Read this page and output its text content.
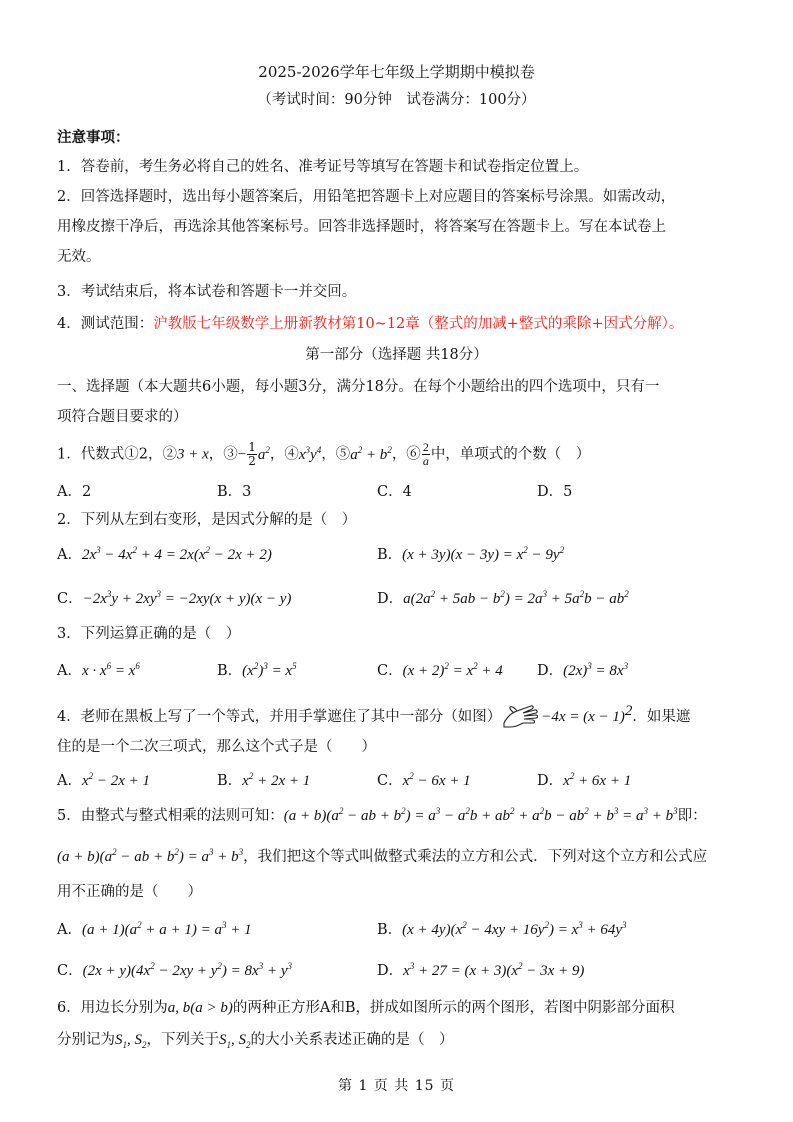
2025-2026学年七年级上学期期中模拟卷
（考试时间：90分钟　试卷满分：100分）
注意事项：
1．答卷前，考生务必将自己的姓名、准考证号等填写在答题卡和试卷指定位置上。
2．回答选择题时，选出每小题答案后，用铅笔把答题卡上对应题目的答案标号涂黑。如需改动，
用橡皮擦干净后，再选涂其他答案标号。回答非选择题时，将答案写在答题卡上。写在本试卷上
无效。
3．考试结束后，将本试卷和答题卡一并交回。
4．测试范围：沪教版七年级数学上册新教材第10~12章（整式的加减+整式的乘除+因式分解）。
第一部分（选择题 共18分）
一、选择题（本大题共6小题，每小题3分，满分18分。在每个小题给出的四个选项中，只有一
项符合题目要求的）
1．代数式①2，②3 + x，③− $\frac{1}{2} a^2$，$④x^3y^4$，$⑤a^2 + b^2$，⑥ $\frac{2}{a}$ 中，单项式的个数（　）
A．2	B．3	C．4	D．5
2．下列从左到右变形，是因式分解的是（　）
A．$2x^3 - 4x^2 + 4 = 2x(x^2 - 2x + 2)$	B．$(x + 3y)(x - 3y) = x^2 - 9y^2$
C．$-2x^3y + 2xy^3 = -2xy(x + y)(x - y)$	D．$a(2a^2 + 5ab - b^2) = 2a^3 + 5a^2b - ab^2$
3．下列运算正确的是（　）
A．$x \cdot x^6 = x^6$	B．$(x^2)^3 = x^5$	C．$(x + 2)^2 = x^2 + 4$ D．$(2x)^3 = 8x^3$
4．老师在黑板上写了一个等式，并用手掌遮住了其中一部分（如图）	$-4x = (x - 1)^2$．如果遮
住的是一个二次三项式，那么这个式子是（　　）
A．$x^2 - 2x + 1$	B．$x^2 + 2x + 1$	C．$x^2 - 6x + 1$	D．$x^2 + 6x + 1$
5．由整式与整式相乘的法则可知：$(a + b)(a^2$ − ab + $b^2) = a^3 - a^2b + ab^2 + a^2b - ab^2 + b^3 = a^3 + b^3$即：
$(a + b)(a^2$ − ab + $b^2) = a^3 + b^3$，我们把这个等式叫做整式乘法的立方和公式．下列对这个立方和公式应
用不正确的是（　　）
A．$(a + 1)(a^2 + a + 1) = a^3 + 1$	B．$(x + 4y)(x^2 - 4xy + 16y^2) = x^3 + 64y^3$
C．$(2x + y)(4x^2 - 2xy + y^2) = 8x^3 + y^3$	D．$x^3 + 27 = (x + 3)(x^2 - 3x + 9)$
6．用边长分别为a, b(a > b)的两种正方形A和B，拼成如图所示的两个图形，若图中阴影部分面积
分别记为$S_1$, $S_2$，下列关于$S_1$, $S_2$的大小关系表述正确的是（　）
第 1 页 共 15 页
